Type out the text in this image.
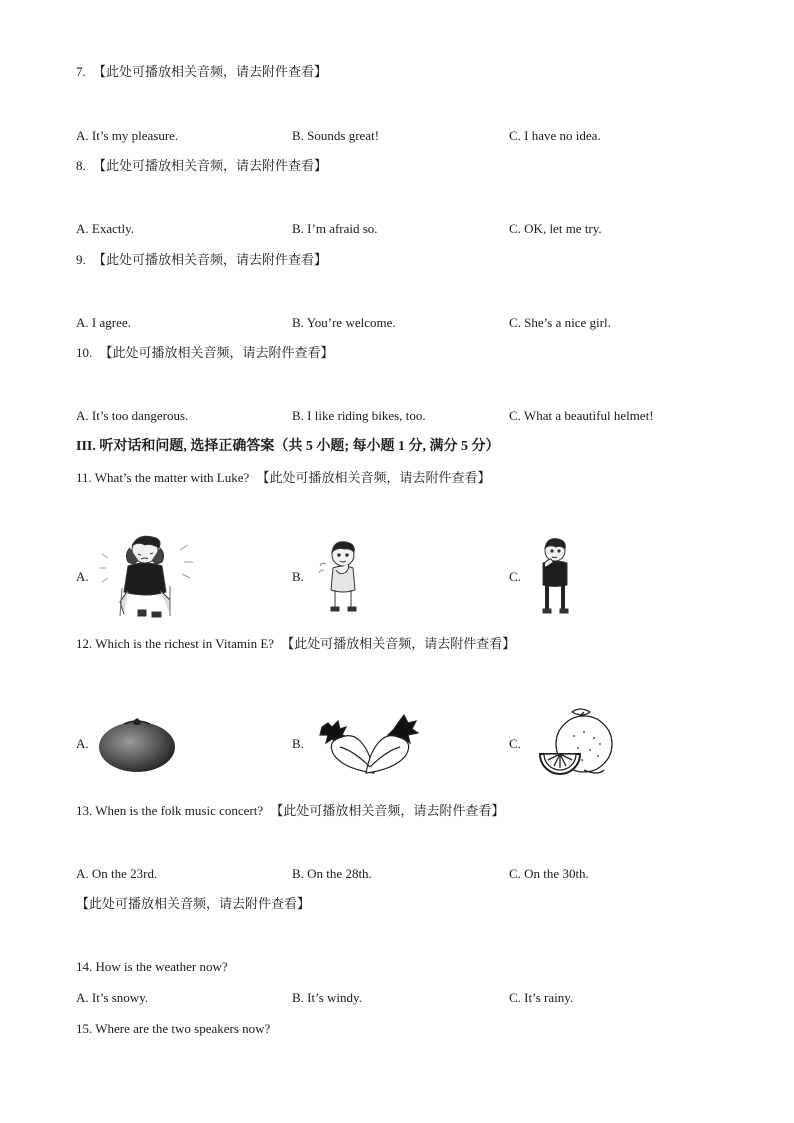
7. 【此处可播放相关音频，请去附件查看】
A. It’s my pleasure.	B. Sounds great!	C. I have no idea.
8. 【此处可播放相关音频，请去附件查看】
A. Exactly.	B. I’m afraid so.	C. OK, let me try.
9. 【此处可播放相关音频，请去附件查看】
A. I agree.	B. You’re welcome.	C. She’s a nice girl.
10. 【此处可播放相关音频，请去附件查看】
A. It’s too dangerous.	B. I like riding bikes, too.	C. What a beautiful helmet!
III. 听对话和问题, 选择正确答案（共 5 小题; 每小题 1 分, 满分 5 分）
11. What’s the matter with Luke? 【此处可播放相关音频，请去附件查看】
A.	B.	C.
12. Which is the richest in Vitamin E? 【此处可播放相关音频，请去附件查看】
A.	B.	C.
13. When is the folk music concert? 【此处可播放相关音频，请去附件查看】
A. On the 23rd.	B. On the 28th.	C. On the 30th.
【此处可播放相关音频，请去附件查看】
14. How is the weather now?
A. It’s snowy.	B. It’s windy.	C. It’s rainy.
15. Where are the two speakers now?
